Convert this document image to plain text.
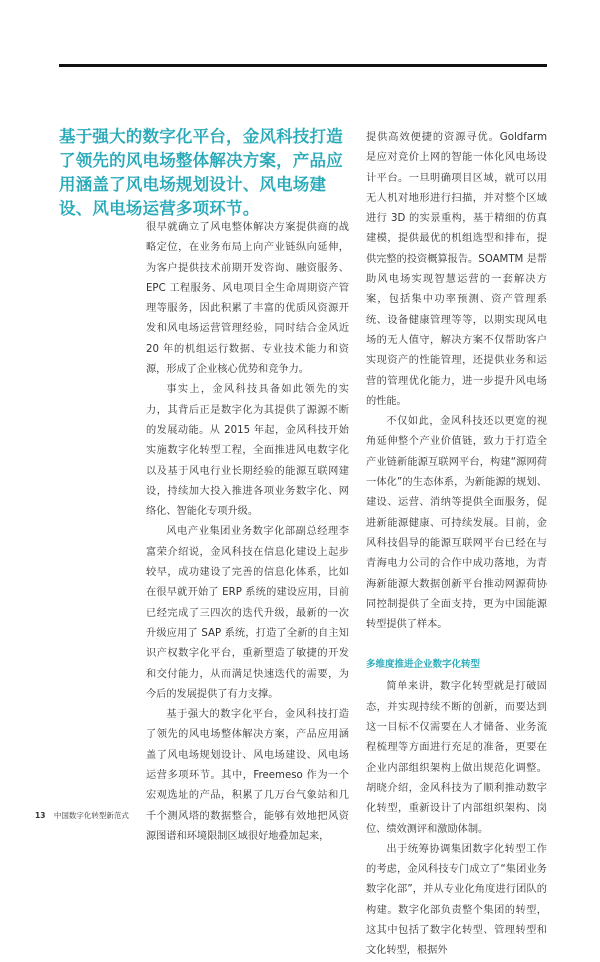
基于强大的数字化平台，金风科技打造了领先的风电场整体解决方案，产品应用涵盖了风电场规划设计、风电场建设、风电场运营多项环节。

很早就确立了风电整体解决方案提供商的战略定位，在业务布局上向产业链纵向延伸，为客户提供技术前期开发咨询、融资服务、EPC 工程服务、风电项目全生命周期资产管理等服务，因此积累了丰富的优质风资源开发和风电场运营管理经验，同时结合金风近 20 年的机组运行数据、专业技术能力和资源，形成了企业核心优势和竞争力。

事实上，金风科技具备如此领先的实力，其背后正是数字化为其提供了源源不断的发展动能。从 2015 年起，金风科技开始实施数字化转型工程，全面推进风电数字化以及基于风电行业长期经验的能源互联网建设，持续加大投入推进各项业务数字化、网络化、智能化专项升级。

风电产业集团业务数字化部副总经理李富荣介绍说，金风科技在信息化建设上起步较早，成功建设了完善的信息化体系，比如在很早就开始了 ERP 系统的建设应用，目前已经完成了三四次的迭代升级，最新的一次升级应用了 SAP 系统，打造了全新的自主知识产权数字化平台，重新塑造了敏捷的开发和交付能力，从而满足快速迭代的需要，为今后的发展提供了有力支撑。

基于强大的数字化平台，金风科技打造了领先的风电场整体解决方案，产品应用涵盖了风电场规划设计、风电场建设、风电场运营多项环节。其中，Freemeso 作为一个宏观选址的产品，积累了几万台气象站和几千个测风塔的数据整合，能够有效地把风资源图谱和环境限制区域很好地叠加起来，

提供高效便捷的资源寻优。Goldfarm 是应对竞价上网的智能一体化风电场设计平台。一旦明确项目区域，就可以用无人机对地形进行扫描，并对整个区域进行 3D 的实景重构，基于精细的仿真建模，提供最优的机组选型和排布，提供完整的投资概算报告。SOAMTM 是帮助风电场实现智慧运营的一套解决方案，包括集中功率预测、资产管理系统、设备健康管理等等，以期实现风电场的无人值守，解决方案不仅帮助客户实现资产的性能管理，还提供业务和运营的管理优化能力，进一步提升风电场的性能。

不仅如此，金风科技还以更宽的视角延伸整个产业价值链，致力于打造全产业链新能源互联网平台，构建“源网荷一体化”的生态体系，为新能源的规划、建设、运营、消纳等提供全面服务，促进新能源健康、可持续发展。目前，金风科技倡导的能源互联网平台已经在与青海电力公司的合作中成功落地，为青海新能源大数据创新平台推动网源荷协同控制提供了全面支持，更为中国能源转型提供了样本。

多维度推进企业数字化转型

简单来讲，数字化转型就是打破固态，并实现持续不断的创新，而要达到这一目标不仅需要在人才储备、业务流程梳理等方面进行充足的准备，更要在企业内部组织架构上做出规范化调整。胡晓介绍，金风科技为了顺利推动数字化转型，重新设计了内部组织架构、岗位、绩效测评和激励体制。

出于统筹协调集团数字化转型工作的考虑，金风科技专门成立了“集团业务数字化部”，并从专业化角度进行团队的构建。数字化部负责整个集团的转型，这其中包括了数字化转型、管理转型和文化转型，根据外

13 中国数字化转型新范式
